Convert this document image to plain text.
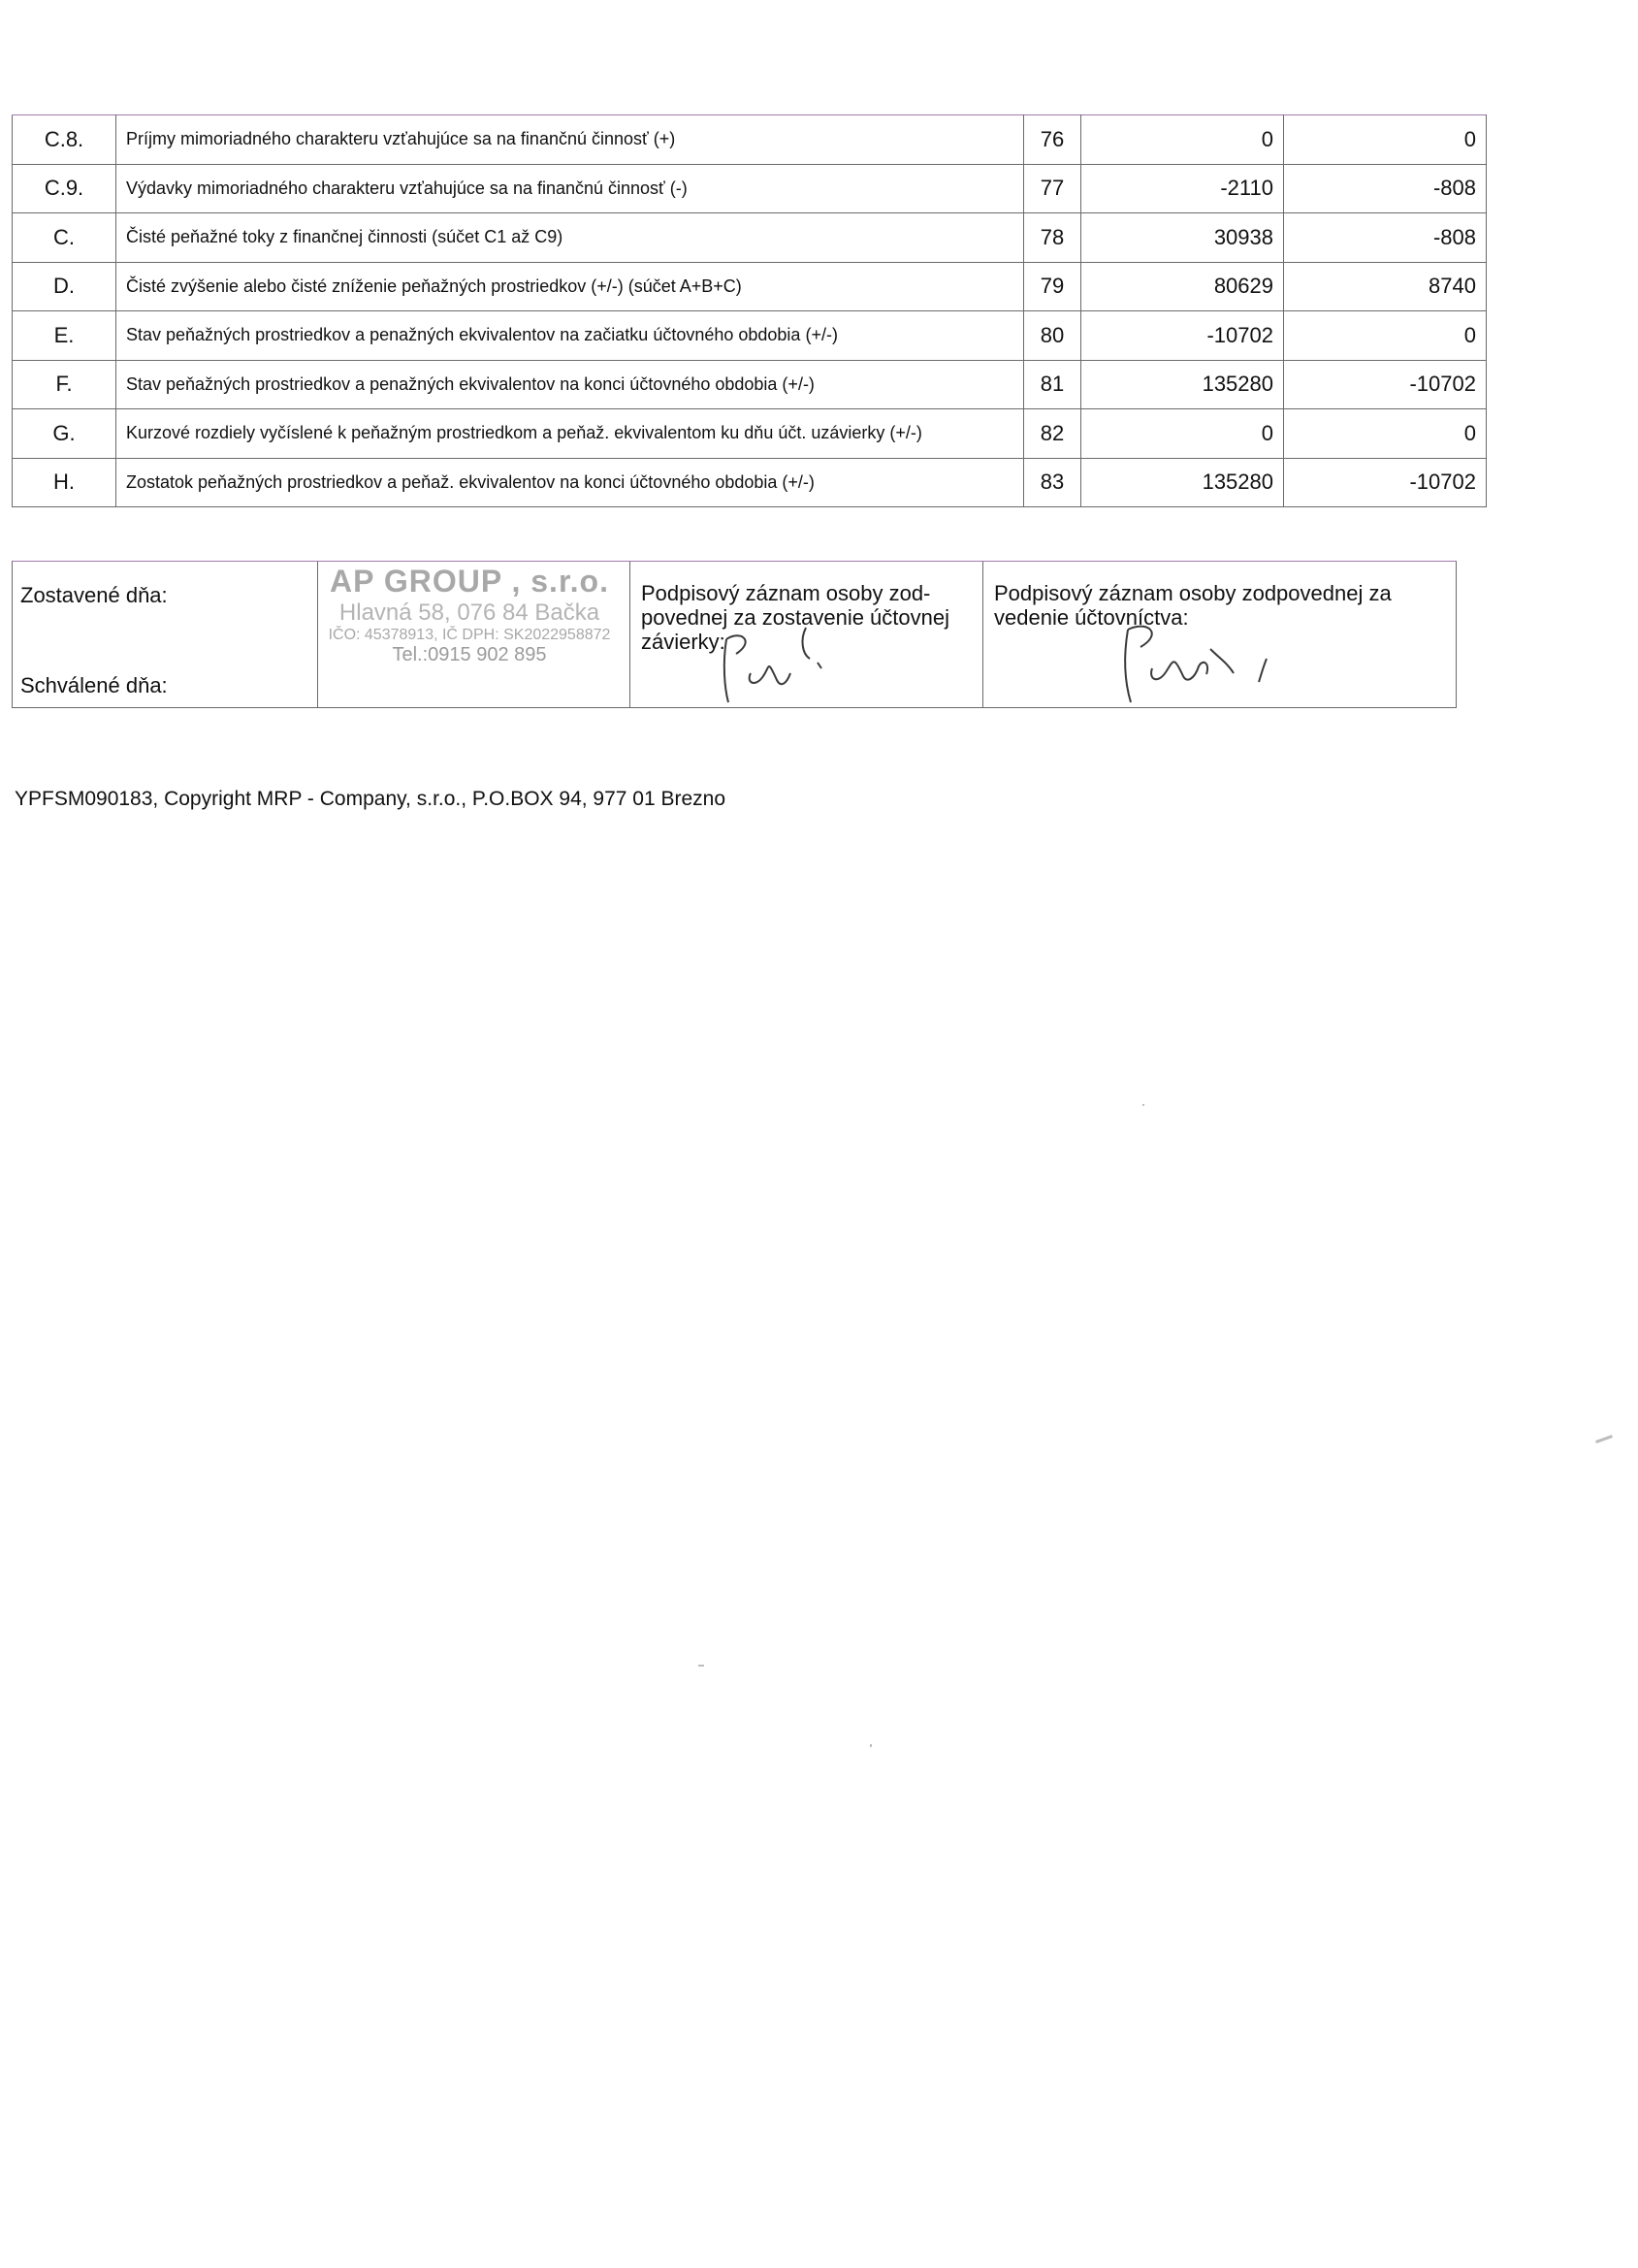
C.8.	Príjmy mimoriadného charakteru vzťahujúce sa na finančnú činnosť (+)	76	0	0
C.9.	Výdavky mimoriadného charakteru vzťahujúce sa na finančnú činnosť (-)	77	-2110	-808
C.	Čisté peňažné toky z finančnej činnosti (súčet C1 až C9)	78	30938	-808
D.	Čisté zvýšenie alebo čisté zníženie peňažných prostriedkov (+/-) (súčet A+B+C)	79	80629	8740
E.	Stav peňažných prostriedkov a penažných ekvivalentov na začiatku účtovného obdobia (+/-)	80	-10702	0
F.	Stav peňažných prostriedkov a penažných ekvivalentov na konci účtovného obdobia (+/-)	81	135280	-10702
G.	Kurzové rozdiely vyčíslené k peňažným prostriedkom a peňaž. ekvivalentom ku dňu účt. uzávierky (+/-)	82	0	0
H.	Zostatok peňažných prostriedkov a peňaž. ekvivalentov na konci účtovného obdobia (+/-)	83	135280	-10702
Zostavené dňa:
Schválené dňa:
AP GROUP , s.r.o.
Hlavná 58, 076 84 Bačka
IČO: 45378913, IČ DPH: SK2022958872
Tel.:0915 902 895
Podpisový záznam osoby zod- povednej za zostavenie účtovnej závierky:
Podpisový záznam osoby zodpovednej za vedenie účtovníctva:
YPFSM090183, Copyright MRP - Company, s.r.o., P.O.BOX 94, 977 01 Brezno
